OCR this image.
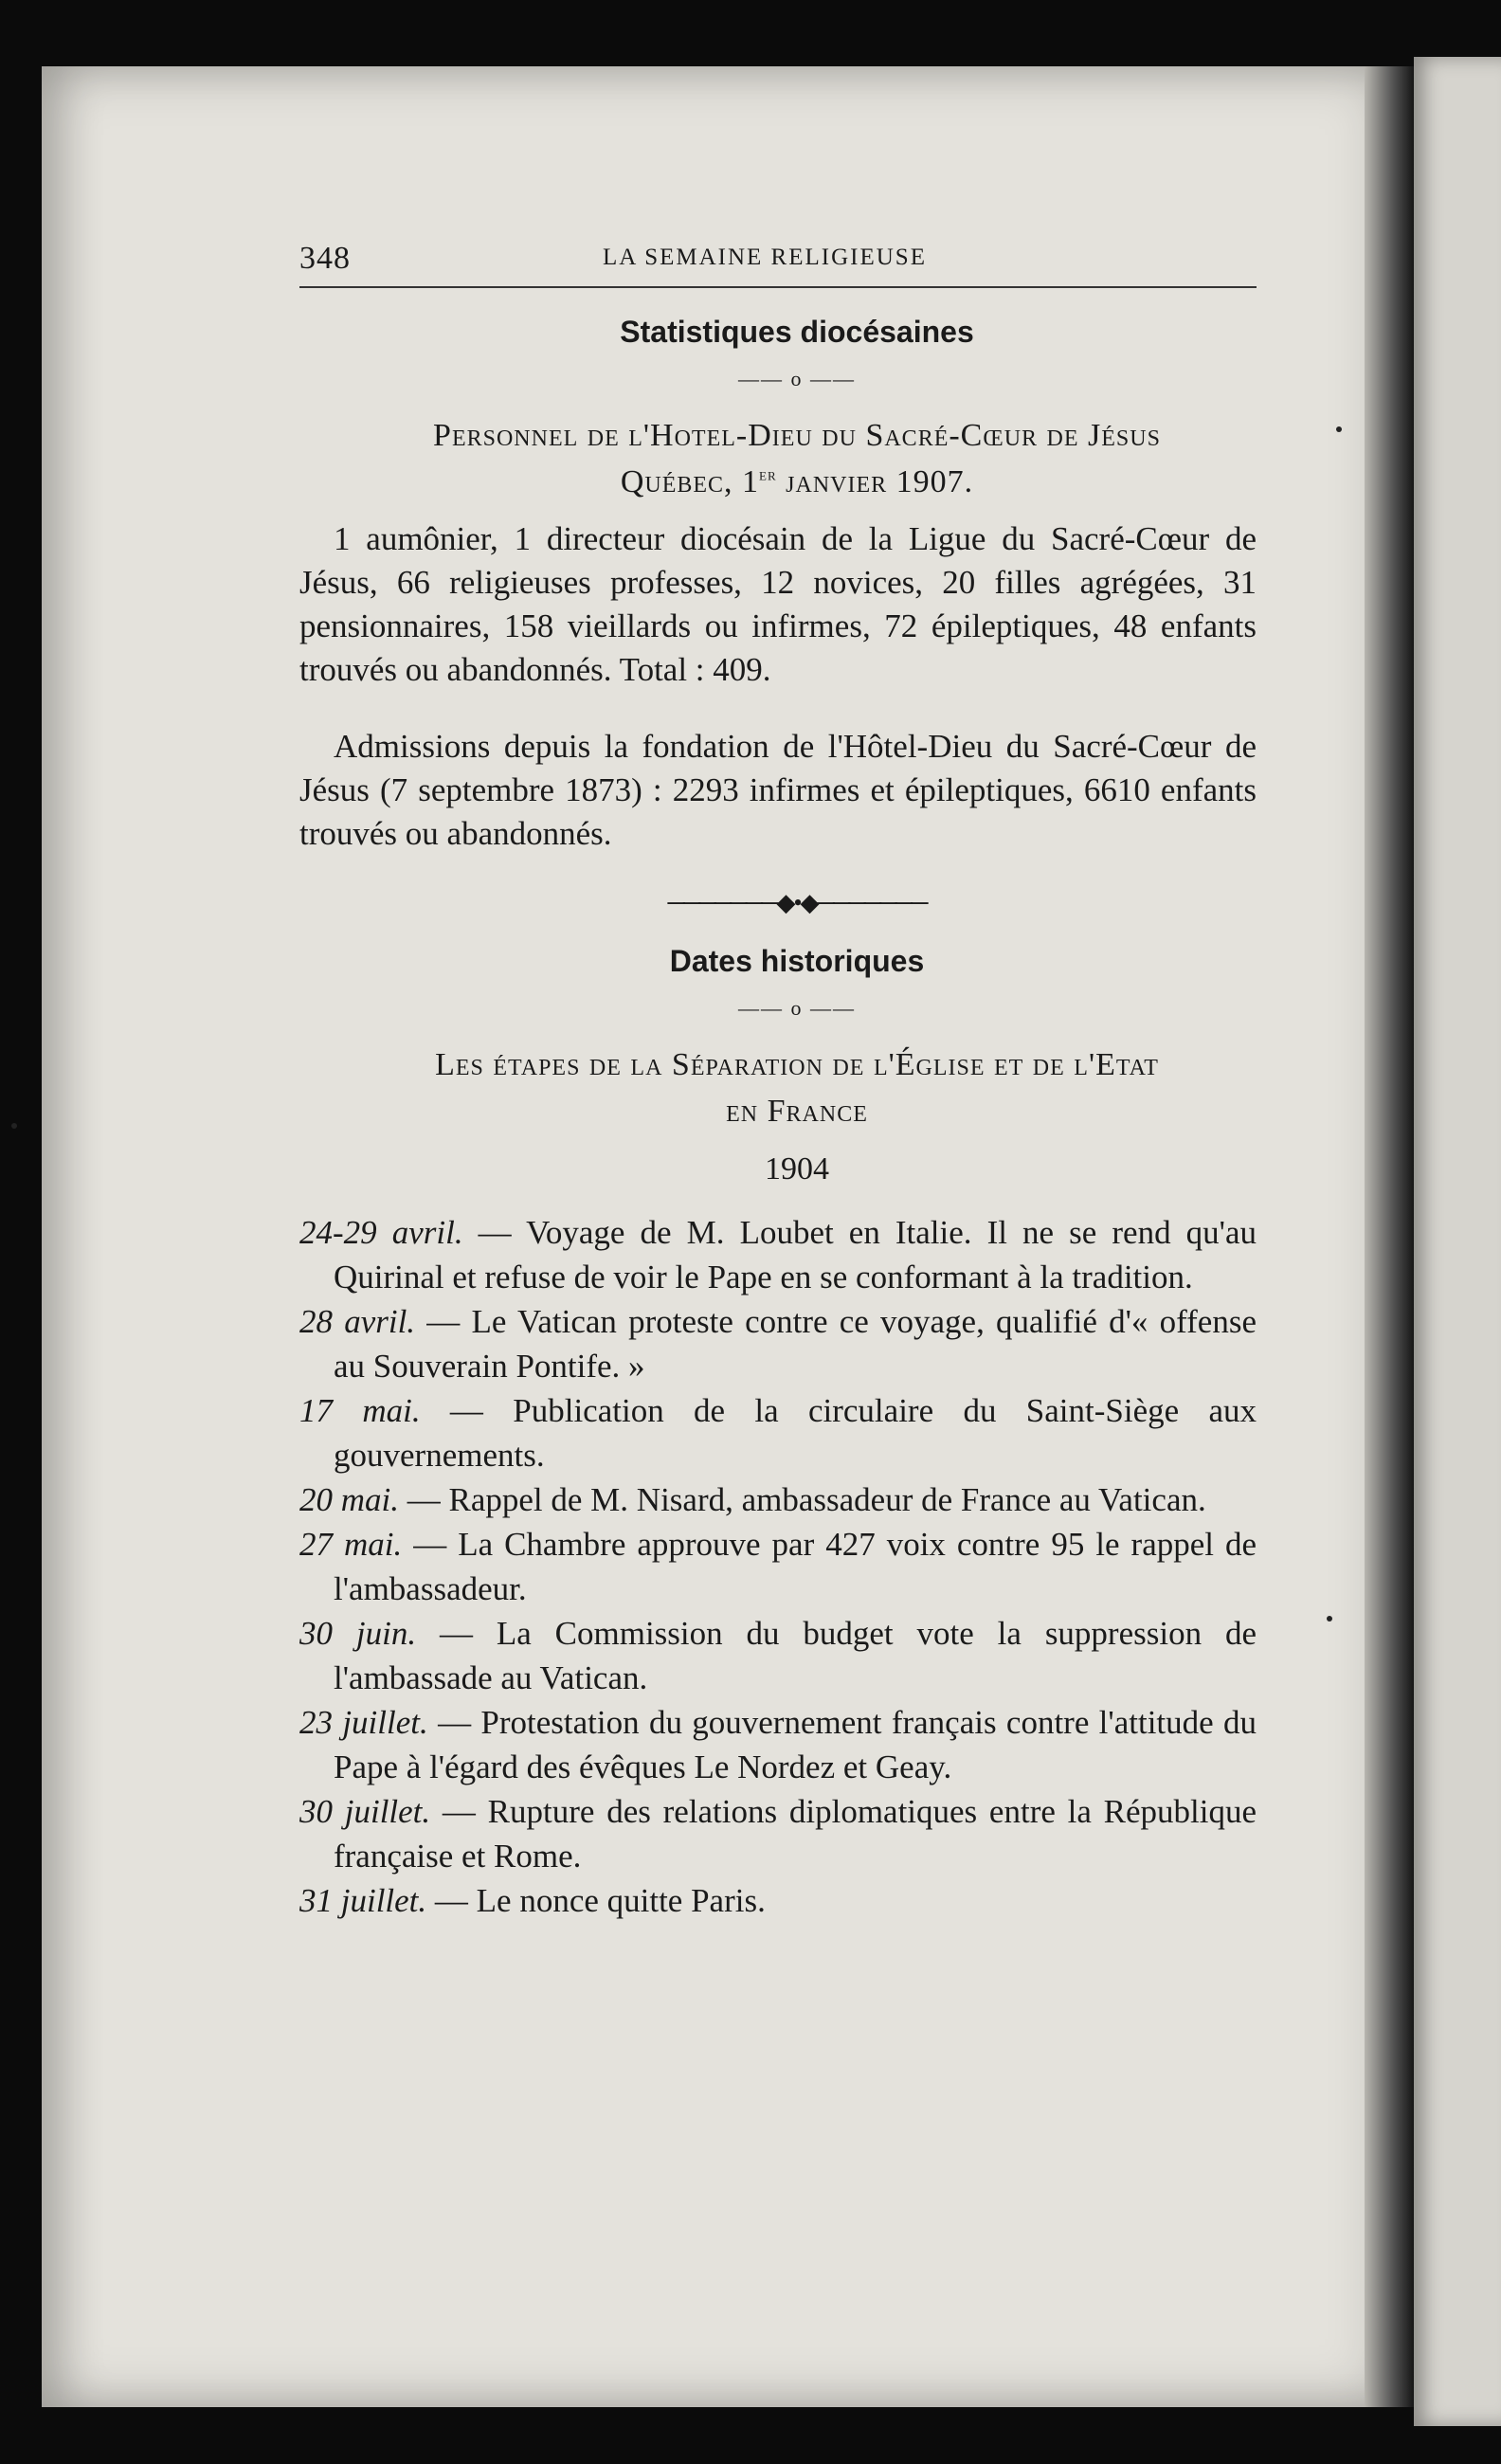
348	LA SEMAINE RELIGIEUSE
Statistiques diocésaines
—— o ——
Personnel de l'Hotel-Dieu du Sacré-Cœur de Jésus
Québec, 1er janvier 1907.

1 aumônier, 1 directeur diocésain de la Ligue du Sacré-Cœur de Jésus, 66 religieuses professes, 12 novices, 20 filles agrégées, 31 pensionnaires, 158 vieillards ou infirmes, 72 épileptiques, 48 enfants trouvés ou abandonnés. Total : 409.

Admissions depuis la fondation de l'Hôtel-Dieu du Sacré-Cœur de Jésus (7 septembre 1873) : 2293 infirmes et épileptiques, 6610 enfants trouvés ou abandonnés.

───────◆•◆───────
Dates historiques
—— o ——
Les étapes de la Séparation de l'Église et de l'Etat
en France
1904
24-29 avril. — Voyage de M. Loubet en Italie. Il ne se rend qu'au Quirinal et refuse de voir le Pape en se conformant à la tradition.
28 avril. — Le Vatican proteste contre ce voyage, qualifié d'« offense au Souverain Pontife. »
17 mai. — Publication de la circulaire du Saint-Siège aux gouvernements.
20 mai. — Rappel de M. Nisard, ambassadeur de France au Vatican.
27 mai. — La Chambre approuve par 427 voix contre 95 le rappel de l'ambassadeur.
30 juin. — La Commission du budget vote la suppression de l'ambassade au Vatican.
23 juillet. — Protestation du gouvernement français contre l'attitude du Pape à l'égard des évêques Le Nordez et Geay.
30 juillet. — Rupture des relations diplomatiques entre la République française et Rome.
31 juillet. — Le nonce quitte Paris.
